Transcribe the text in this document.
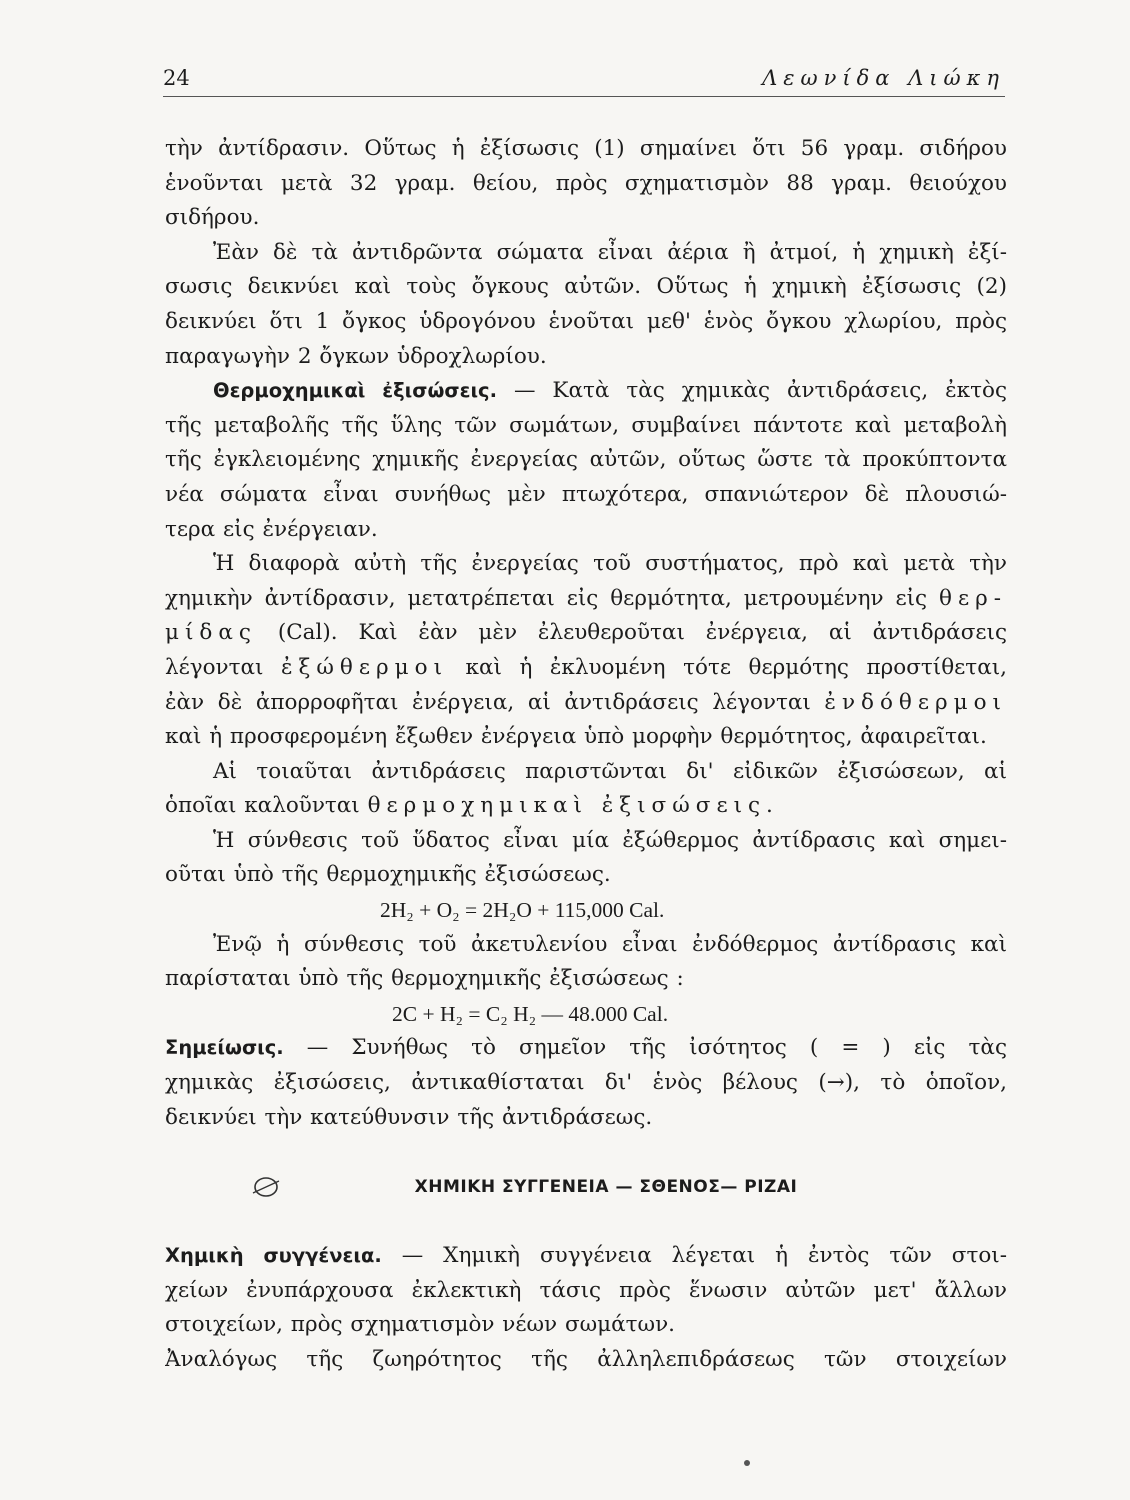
24	Λεωνίδα Λιώκη
τὴν ἀντίδρασιν. Οὕτως ἡ ἐξίσωσις (1) σημαίνει ὅτι 56 γραμ. σιδήρου
ἑνοῦνται μετὰ 32 γραμ. θείου, πρὸς σχηματισμὸν 88 γραμ. θειούχου
σιδήρου.
Ἐὰν δὲ τὰ ἀντιδρῶντα σώματα εἶναι ἀέρια ἢ ἀτμοί, ἡ χημικὴ ἐξί-
σωσις δεικνύει καὶ τοὺς ὄγκους αὐτῶν. Οὕτως ἡ χημικὴ ἐξίσωσις (2)
δεικνύει ὅτι 1 ὄγκος ὑδρογόνου ἑνοῦται μεθ' ἑνὸς ὄγκου χλωρίου, πρὸς
παραγωγὴν 2 ὄγκων ὑδροχλωρίου.
Θερμοχημικαὶ ἐξισώσεις. — Κατὰ τὰς χημικὰς ἀντιδράσεις, ἐκτὸς
τῆς μεταβολῆς τῆς ὕλης τῶν σωμάτων, συμβαίνει πάντοτε καὶ μεταβολὴ
τῆς ἐγκλειομένης χημικῆς ἐνεργείας αὐτῶν, οὕτως ὥστε τὰ προκύπτοντα
νέα σώματα εἶναι συνήθως μὲν πτωχότερα, σπανιώτερον δὲ πλουσιώ-
τερα εἰς ἐνέργειαν.
Ἡ διαφορὰ αὐτὴ τῆς ἐνεργείας τοῦ συστήματος, πρὸ καὶ μετὰ τὴν
χημικὴν ἀντίδρασιν, μετατρέπεται εἰς θερμότητα, μετρουμένην εἰς θερ-
μίδας (Cal). Καὶ ἐὰν μὲν ἐλευθεροῦται ἐνέργεια, αἱ ἀντιδράσεις
λέγονται ἐξώθερμοι καὶ ἡ ἐκλυομένη τότε θερμότης προστίθεται,
ἐὰν δὲ ἀπορροφῆται ἐνέργεια, αἱ ἀντιδράσεις λέγονται ἐνδόθερμοι
καὶ ἡ προσφερομένη ἔξωθεν ἐνέργεια ὑπὸ μορφὴν θερμότητος, ἀφαιρεῖται.
Αἱ τοιαῦται ἀντιδράσεις παριστῶνται δι' εἰδικῶν ἐξισώσεων, αἱ
ὁποῖαι καλοῦνται θερμοχημικαὶ ἐξισώσεις.
Ἡ σύνθεσις τοῦ ὕδατος εἶναι μία ἐξώθερμος ἀντίδρασις καὶ σημει-
οῦται ὑπὸ τῆς θερμοχημικῆς ἐξισώσεως.
2H₂ + O₂ = 2H₂O + 115,000 Cal.
Ἐνῷ ἡ σύνθεσις τοῦ ἀκετυλενίου εἶναι ἐνδόθερμος ἀντίδρασις καὶ
παρίσταται ὑπὸ τῆς θερμοχημικῆς ἐξισώσεως :
2C + H₂ = C₂ H₂ — 48.000 Cal.
Σημείωσις. — Συνήθως τὸ σημεῖον τῆς ἰσότητος ( = ) εἰς τὰς
χημικὰς ἐξισώσεις, ἀντικαθίσταται δι' ἑνὸς βέλους (→), τὸ ὁποῖον,
δεικνύει τὴν κατεύθυνσιν τῆς ἀντιδράσεως.
ΧΗΜΙΚΗ ΣΥΓΓΕΝΕΙΑ — ΣΘΕΝΟΣ— ΡΙΖΑΙ
Χημικὴ συγγένεια. — Χημικὴ συγγένεια λέγεται ἡ ἐντὸς τῶν στοι-
χείων ἐνυπάρχουσα ἐκλεκτικὴ τάσις πρὸς ἕνωσιν αὐτῶν μετ' ἄλλων
στοιχείων, πρὸς σχηματισμὸν νέων σωμάτων.
Ἀναλόγως τῆς ζωηρότητος τῆς ἀλληλεπιδράσεως τῶν στοιχείων
